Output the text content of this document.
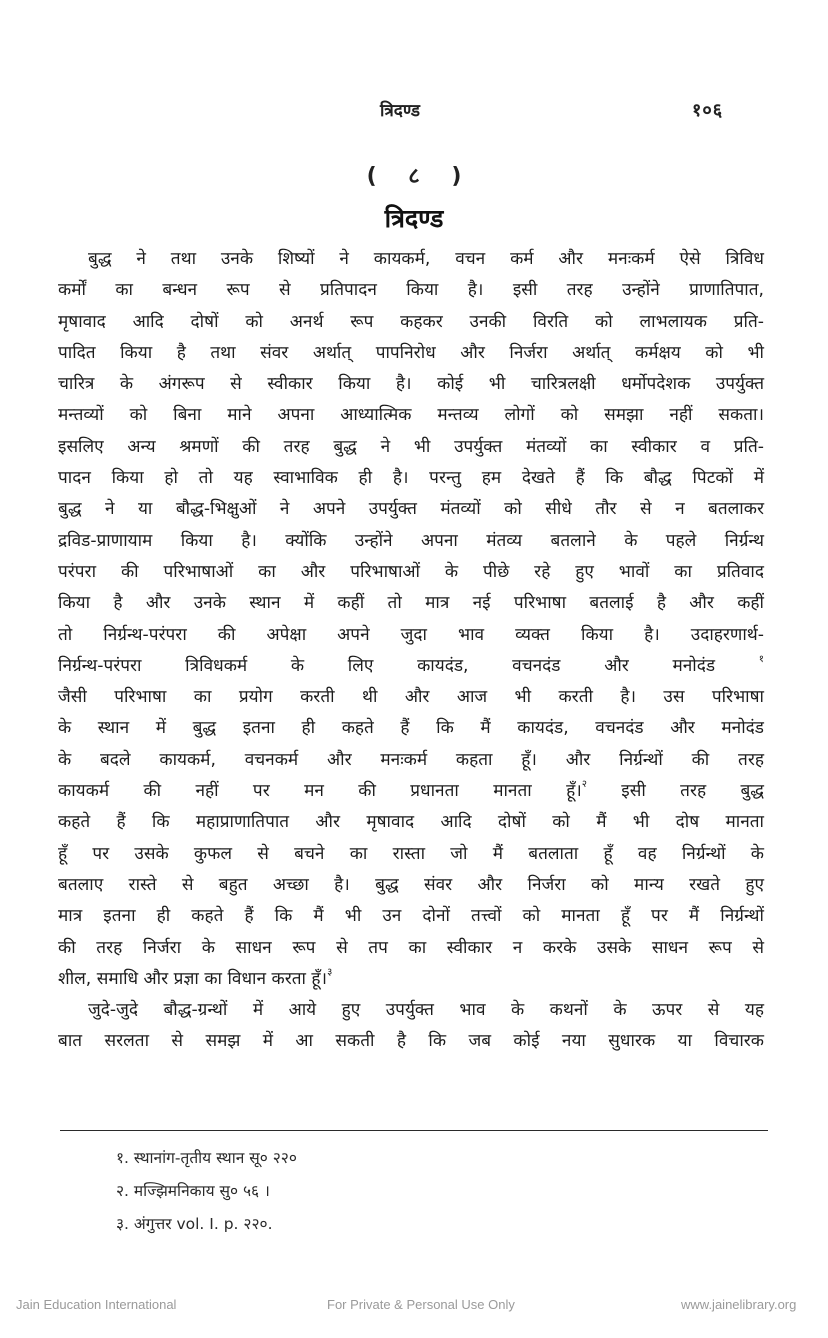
त्रिदण्ड	१०६
( ८ )
त्रिदण्ड
बुद्ध ने तथा उनके शिष्यों ने कायकर्म, वचन कर्म और मनःकर्म ऐसे त्रिविध
कर्मों का बन्धन रूप से प्रतिपादन किया है। इसी तरह उन्होंने प्राणातिपात,
मृषावाद आदि दोषों को अनर्थ रूप कहकर उनकी विरति को लाभलायक प्रति-
पादित किया है तथा संवर अर्थात् पापनिरोध और निर्जरा अर्थात् कर्मक्षय को भी
चारित्र के अंगरूप से स्वीकार किया है। कोई भी चारित्रलक्षी धर्मोपदेशक उपर्युक्त
मन्तव्यों को बिना माने अपना आध्यात्मिक मन्तव्य लोगों को समझा नहीं सकता।
इसलिए अन्य श्रमणों की तरह बुद्ध ने भी उपर्युक्त मंतव्यों का स्वीकार व प्रति-
पादन किया हो तो यह स्वाभाविक ही है। परन्तु हम देखते हैं कि बौद्ध पिटकों में
बुद्ध ने या बौद्ध-भिक्षुओं ने अपने उपर्युक्त मंतव्यों को सीधे तौर से न बतलाकर
द्रविड-प्राणायाम किया है। क्योंकि उन्होंने अपना मंतव्य बतलाने के पहले निर्ग्रन्थ
परंपरा की परिभाषाओं का और परिभाषाओं के पीछे रहे हुए भावों का प्रतिवाद
किया है और उनके स्थान में कहीं तो मात्र नई परिभाषा बतलाई है और कहीं
तो निर्ग्रन्थ-परंपरा की अपेक्षा अपने जुदा भाव व्यक्त किया है। उदाहरणार्थ-
निर्ग्रन्थ-परंपरा त्रिविधकर्म के लिए कायदंड, वचनदंड और मनोदंड	$^१$
जैसी परिभाषा का प्रयोग करती थी और आज भी करती है। उस परिभाषा
के स्थान में बुद्ध इतना ही कहते हैं कि मैं कायदंड, वचनदंड और मनोदंड
के बदले कायकर्म, वचनकर्म और मनःकर्म कहता हूँ। और निर्ग्रन्थों की तरह
कायकर्म की नहीं पर मन की प्रधानता मानता हूँ।$^२$ इसी तरह बुद्ध
कहते हैं कि महाप्राणातिपात और मृषावाद आदि दोषों को मैं भी दोष मानता
हूँ पर उसके कुफल से बचने का रास्ता जो मैं बतलाता हूँ वह निर्ग्रन्थों के
बतलाए रास्ते से बहुत अच्छा है। बुद्ध संवर और निर्जरा को मान्य रखते हुए
मात्र इतना ही कहते हैं कि मैं भी उन दोनों तत्त्वों को मानता हूँ पर मैं निर्ग्रन्थों
की तरह निर्जरा के साधन रूप से तप का स्वीकार न करके उसके साधन रूप से
शील, समाधि और प्रज्ञा का विधान करता हूँ।$^३$
जुदे-जुदे बौद्ध-ग्रन्थों में आये हुए उपर्युक्त भाव के कथनों के ऊपर से यह
बात सरलता से समझ में आ सकती है कि जब कोई नया सुधारक या विचारक
१. स्थानांग-तृतीय स्थान सू० २२०
२. मज्झिमनिकाय सु० ५६ ।
३. अंगुत्तर vol. I. p. २२०.
Jain Education International	For Private & Personal Use Only	www.jainelibrary.org
